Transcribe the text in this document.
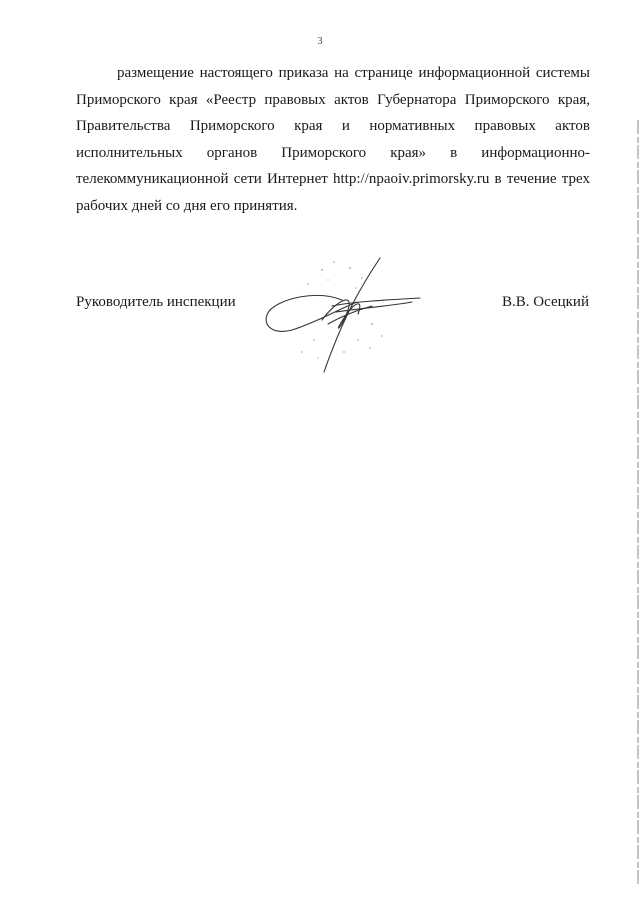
3

размещение настоящего приказа на странице информационной системы
Приморского края «Реестр правовых актов Губернатора Приморского края,
Правительства Приморского края и нормативных правовых актов
исполнительных органов Приморского края» в информационно-
телекоммуникационной сети Интернет http://npaoiv.primorsky.ru в течение трех
рабочих дней со дня его принятия.

Руководитель инспекции	В.В. Осецкий
